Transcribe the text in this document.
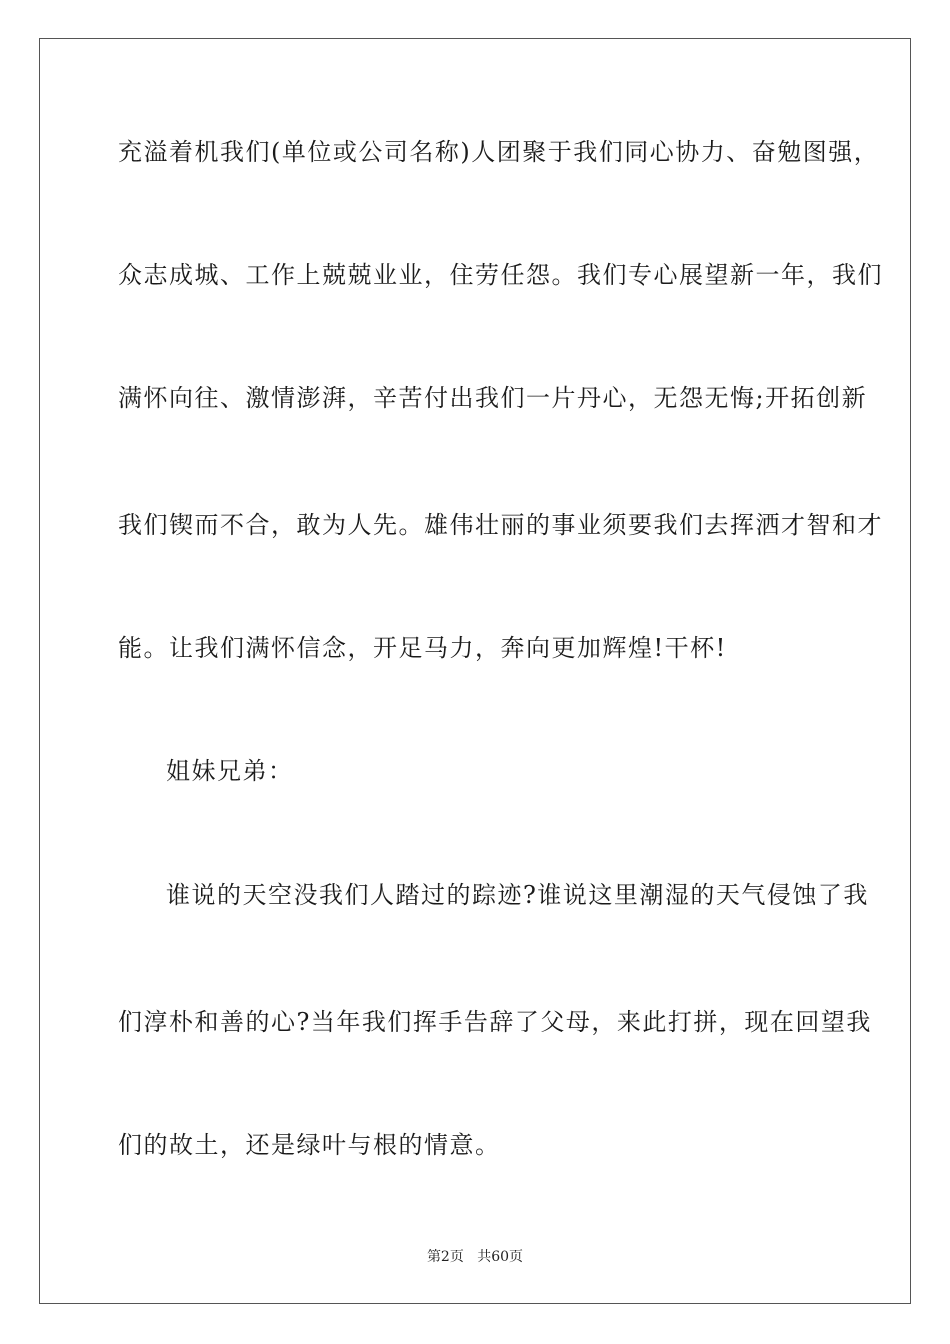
充溢着机我们(单位或公司名称)人团聚于我们同心协力、奋勉图强，
众志成城、工作上兢兢业业，住劳任怨。我们专心展望新一年，我们
满怀向往、激情澎湃，辛苦付出我们一片丹心，无怨无悔;开拓创新
我们锲而不合，敢为人先。雄伟壮丽的事业须要我们去挥洒才智和才
能。让我们满怀信念，开足马力，奔向更加辉煌!干杯!
姐妹兄弟：
谁说的天空没我们人踏过的踪迹?谁说这里潮湿的天气侵蚀了我
们淳朴和善的心?当年我们挥手告辞了父母，来此打拼，现在回望我
们的故土，还是绿叶与根的情意。
第2页 共60页
